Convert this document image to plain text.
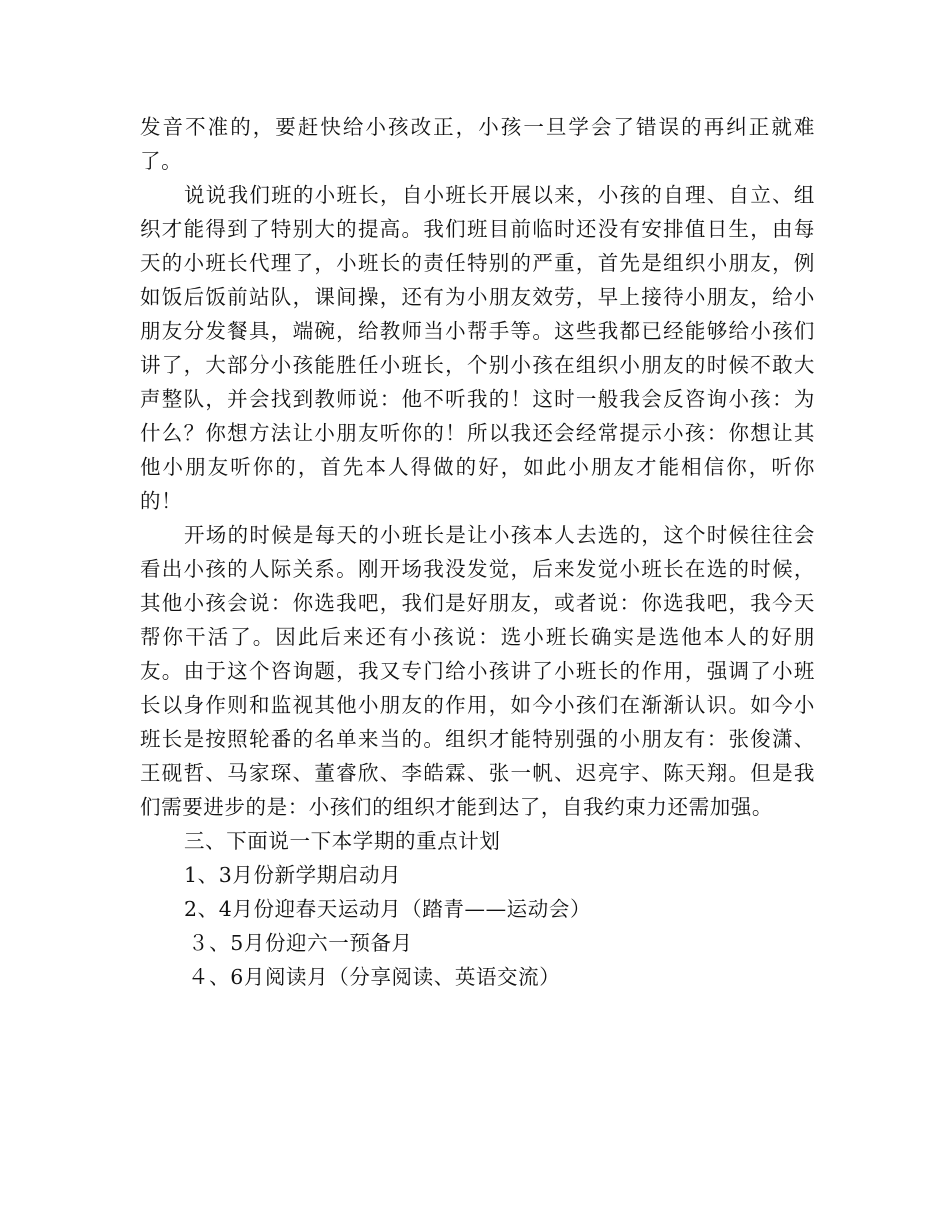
发音不准的，要赶快给小孩改正，小孩一旦学会了错误的再纠正就难了。

说说我们班的小班长，自小班长开展以来，小孩的自理、自立、组织才能得到了特别大的提高。我们班目前临时还没有安排值日生，由每天的小班长代理了，小班长的责任特别的严重，首先是组织小朋友，例如饭后饭前站队，课间操，还有为小朋友效劳，早上接待小朋友，给小朋友分发餐具，端碗，给教师当小帮手等。这些我都已经能够给小孩们讲了，大部分小孩能胜任小班长，个别小孩在组织小朋友的时候不敢大声整队，并会找到教师说：他不听我的！这时一般我会反咨询小孩：为什么？你想方法让小朋友听你的！所以我还会经常提示小孩：你想让其他小朋友听你的，首先本人得做的好，如此小朋友才能相信你，听你的！

开场的时候是每天的小班长是让小孩本人去选的，这个时候往往会看出小孩的人际关系。刚开场我没发觉，后来发觉小班长在选的时候，其他小孩会说：你选我吧，我们是好朋友，或者说：你选我吧，我今天帮你干活了。因此后来还有小孩说：选小班长确实是选他本人的好朋友。由于这个咨询题，我又专门给小孩讲了小班长的作用，强调了小班长以身作则和监视其他小朋友的作用，如今小孩们在渐渐认识。如今小班长是按照轮番的名单来当的。组织才能特别强的小朋友有：张俊潇、王砚哲、马家琛、董睿欣、李皓霖、张一帆、迟亮宇、陈天翔。但是我们需要进步的是：小孩们的组织才能到达了，自我约束力还需加强。

三、下面说一下本学期的重点计划

1、3月份新学期启动月

2、4月份迎春天运动月（踏青——运动会）

３、5月份迎六一预备月

４、6月阅读月（分享阅读、英语交流）
